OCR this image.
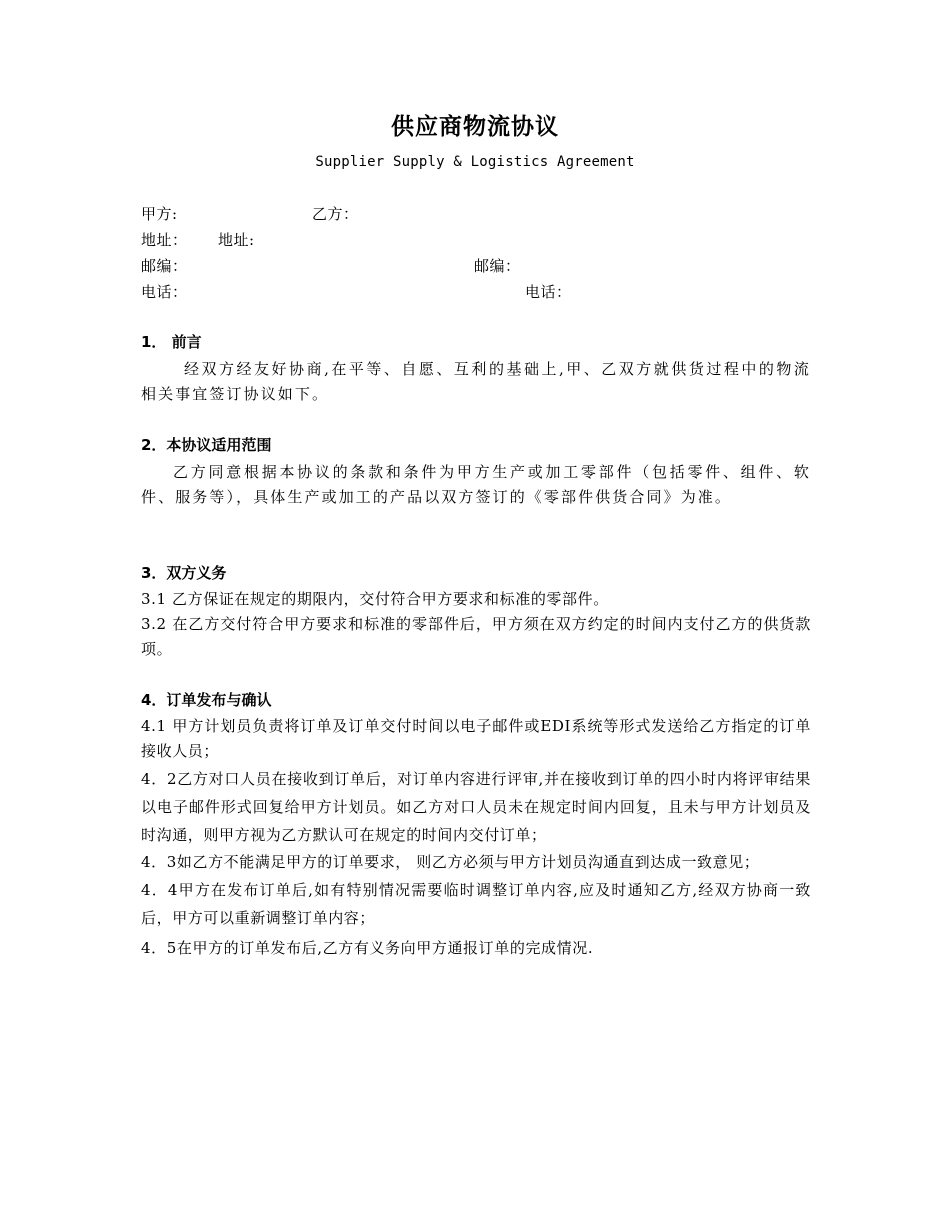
供应商物流协议
Supplier Supply & Logistics Agreement
甲方:	乙方：
地址： 地址:
邮编：	邮编：
电话：	电话：
1． 前言
经双方经友好协商,在平等、自愿、互利的基础上,甲、乙双方就供货过程中的物流相关事宜签订协议如下。
2．本协议适用范围
乙方同意根据本协议的条款和条件为甲方生产或加工零部件（包括零件、组件、软件、服务等），具体生产或加工的产品以双方签订的《零部件供货合同》为准。
3．双方义务
3.1 乙方保证在规定的期限内，交付符合甲方要求和标准的零部件。
3.2 在乙方交付符合甲方要求和标准的零部件后，甲方须在双方约定的时间内支付乙方的供货款项。
4．订单发布与确认
4.1 甲方计划员负责将订单及订单交付时间以电子邮件或EDI系统等形式发送给乙方指定的订单接收人员；
4．2乙方对口人员在接收到订单后，对订单内容进行评审,并在接收到订单的四小时内将评审结果以电子邮件形式回复给甲方计划员。如乙方对口人员未在规定时间内回复，且未与甲方计划员及时沟通，则甲方视为乙方默认可在规定的时间内交付订单；
4．3如乙方不能满足甲方的订单要求， 则乙方必须与甲方计划员沟通直到达成一致意见；
4．4甲方在发布订单后,如有特别情况需要临时调整订单内容,应及时通知乙方,经双方协商一致后，甲方可以重新调整订单内容；
4．5在甲方的订单发布后,乙方有义务向甲方通报订单的完成情况.
